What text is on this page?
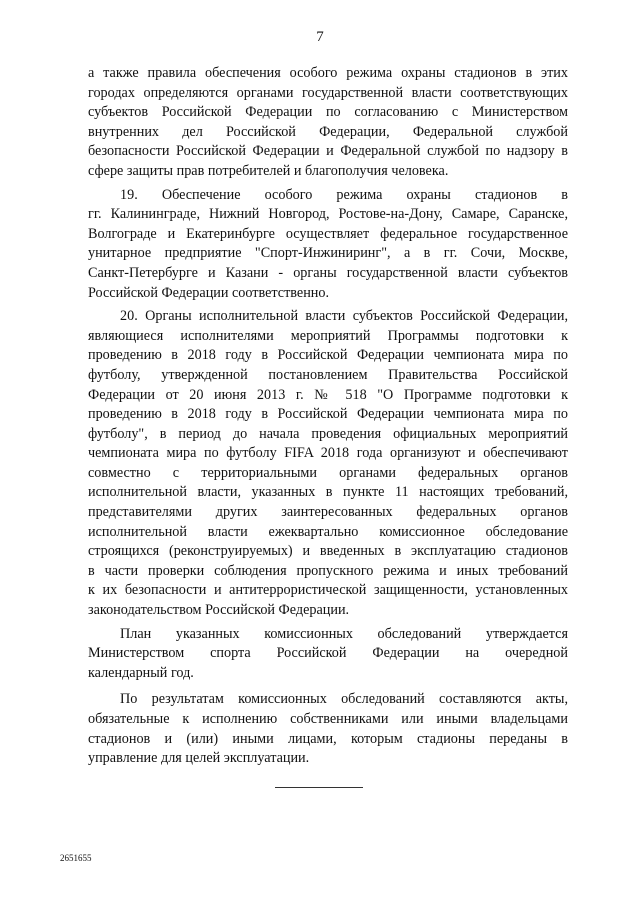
7
а также правила обеспечения особого режима охраны стадионов в этих
городах определяются органами государственной власти соответствующих
субъектов Российской Федерации по согласованию с Министерством
внутренних дел Российской Федерации, Федеральной службой
безопасности Российской Федерации и Федеральной службой по надзору в
сфере защиты прав потребителей и благополучия человека.
19. Обеспечение особого режима охраны стадионов в
гг. Калининграде, Нижний Новгород, Ростове-на-Дону, Самаре, Саранске,
Волгограде и Екатеринбурге осуществляет федеральное государственное
унитарное предприятие "Спорт-Инжиниринг", а в гг. Сочи, Москве,
Санкт-Петербурге и Казани - органы государственной власти субъектов
Российской Федерации соответственно.
20. Органы исполнительной власти субъектов Российской Федерации,
являющиеся исполнителями мероприятий Программы подготовки к
проведению в 2018 году в Российской Федерации чемпионата мира по
футболу, утвержденной постановлением Правительства Российской
Федерации от 20 июня 2013 г. № 518 "О Программе подготовки к
проведению в 2018 году в Российской Федерации чемпионата мира по
футболу", в период до начала проведения официальных мероприятий
чемпионата мира по футболу FIFA 2018 года организуют и обеспечивают
совместно с территориальными органами федеральных органов
исполнительной власти, указанных в пункте 11 настоящих требований,
представителями других заинтересованных федеральных органов
исполнительной власти ежеквартально комиссионное обследование
строящихся (реконструируемых) и введенных в эксплуатацию стадионов
в части проверки соблюдения пропускного режима и иных требований
к их безопасности и антитеррористической защищенности, установленных
законодательством Российской Федерации.
План указанных комиссионных обследований утверждается
Министерством спорта Российской Федерации на очередной
календарный год.
По результатам комиссионных обследований составляются акты,
обязательные к исполнению собственниками или иными владельцами
стадионов и (или) иными лицами, которым стадионы переданы в
управление для целей эксплуатации.
2651655
